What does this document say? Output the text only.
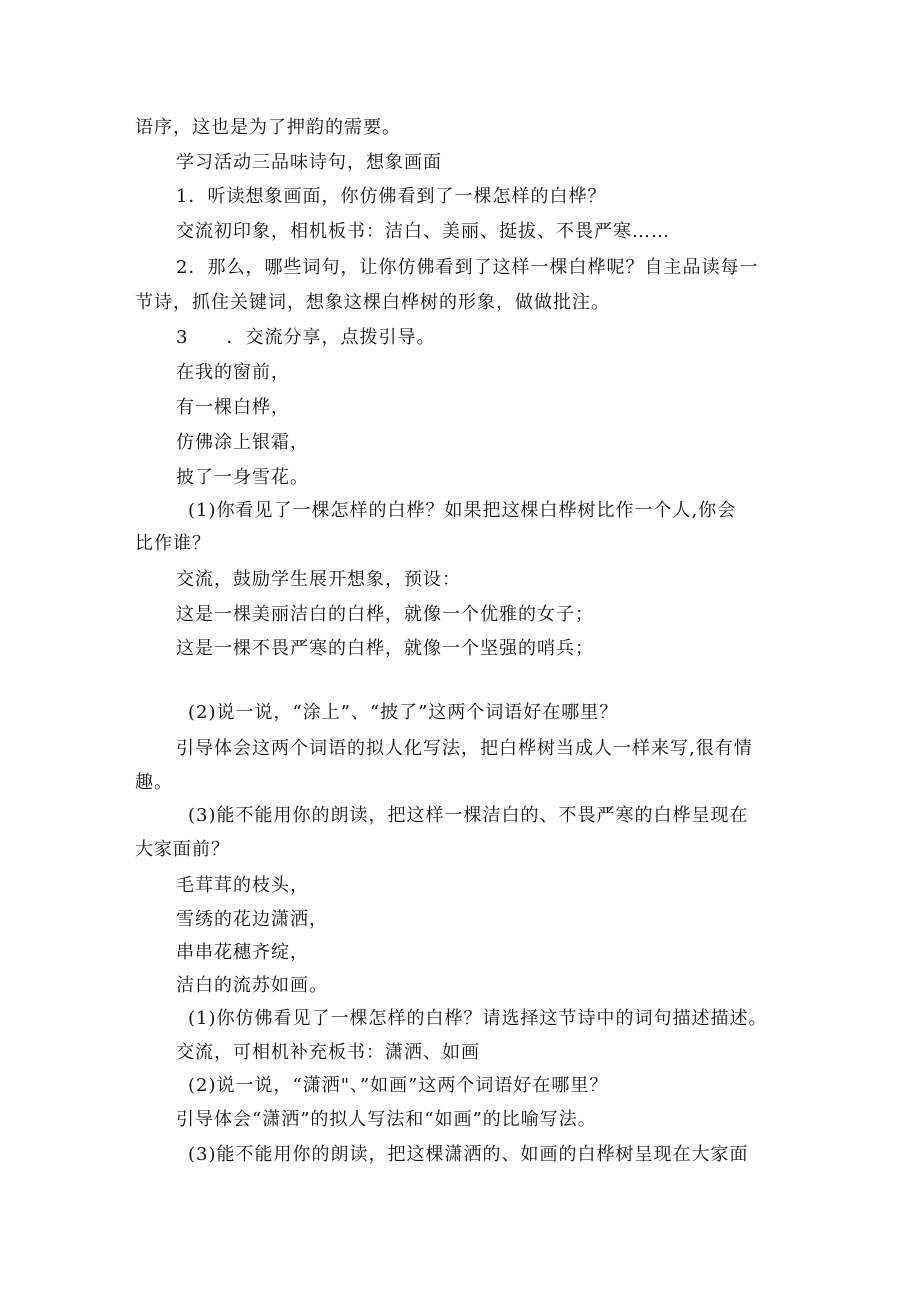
语序，这也是为了押韵的需要。
学习活动三品味诗句，想象画面
1．听读想象画面，你仿佛看到了一棵怎样的白桦？
交流初印象，相机板书：洁白、美丽、挺拔、不畏严寒……
2．那么，哪些词句，让你仿佛看到了这样一棵白桦呢？自主品读每一
节诗，抓住关键词，想象这棵白桦树的形象，做做批注。
3　　．交流分享，点拨引导。
在我的窗前，
有一棵白桦，
仿佛涂上银霜，
披了一身雪花。
(1)你看见了一棵怎样的白桦？如果把这棵白桦树比作一个人,你会
比作谁？
交流，鼓励学生展开想象，预设：
这是一棵美丽洁白的白桦，就像一个优雅的女子；
这是一棵不畏严寒的白桦，就像一个坚强的哨兵；
(2)说一说，“涂上”、“披了”这两个词语好在哪里？
引导体会这两个词语的拟人化写法，把白桦树当成人一样来写,很有情
趣。
(3)能不能用你的朗读，把这样一棵洁白的、不畏严寒的白桦呈现在
大家面前？
毛茸茸的枝头，
雪绣的花边潇洒，
串串花穗齐绽，
洁白的流苏如画。
(1)你仿佛看见了一棵怎样的白桦？请选择这节诗中的词句描述描述。
交流，可相机补充板书：潇洒、如画
(2)说一说，“潇洒"、”如画”这两个词语好在哪里？
引导体会“潇洒”的拟人写法和“如画”的比喻写法。
(3)能不能用你的朗读，把这棵潇洒的、如画的白桦树呈现在大家面
